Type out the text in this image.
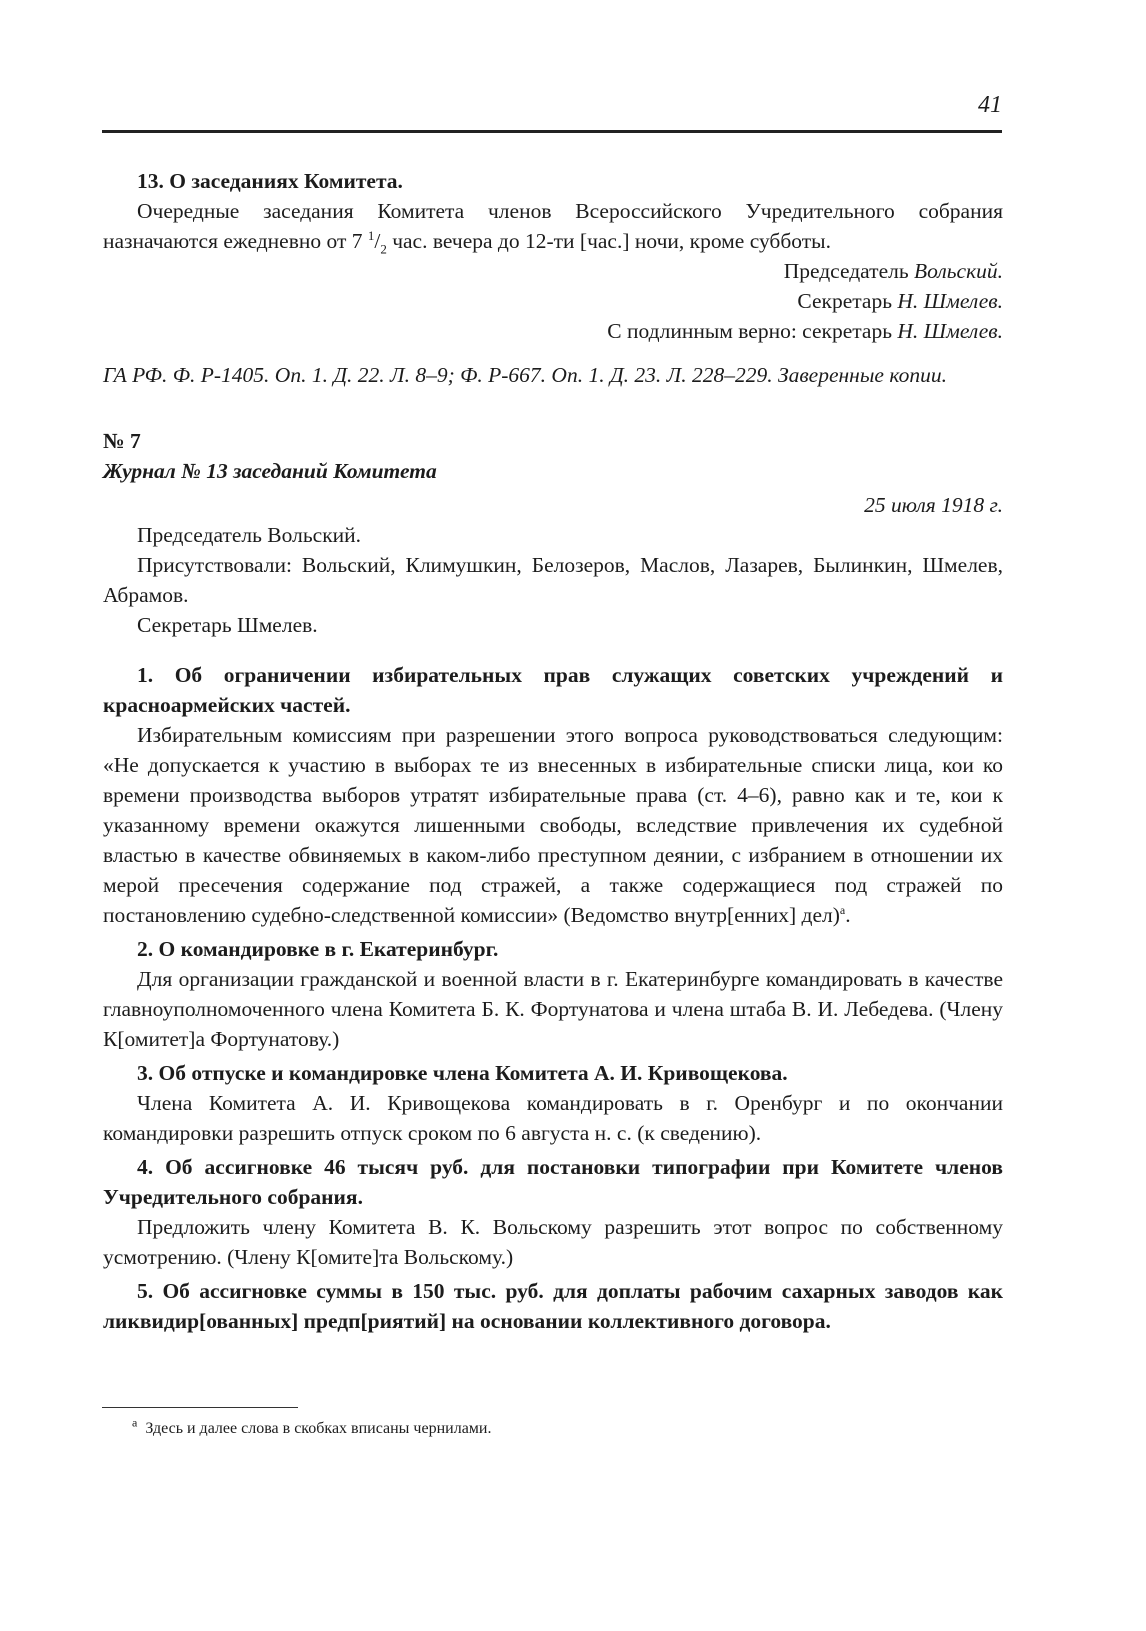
41

13. О заседаниях Комитета.

Очередные заседания Комитета членов Всероссийского Учредительного собрания назначаются ежедневно от 7 $^1/_2$ час. вечера до 12-ти [час.] ночи, кроме субботы.

Председатель Вольский.

Секретарь Н. Шмелев.

С подлинным верно: секретарь Н. Шмелев.

ГА РФ. Ф. Р-1405. Оп. 1. Д. 22. Л. 8–9; Ф. Р-667. Оп. 1. Д. 23. Л. 228–229. Заверенные копии.

№ 7

Журнал № 13 заседаний Комитета

25 июля 1918 г.

Председатель Вольский.

Присутствовали: Вольский, Климушкин, Белозеров, Маслов, Лазарев, Былинкин, Шмелев, Абрамов.

Секретарь Шмелев.

1. Об ограничении избирательных прав служащих советских учреждений и красноармейских частей.

Избирательным комиссиям при разрешении этого вопроса руководствоваться следующим: «Не допускается к участию в выборах те из внесенных в избирательные списки лица, кои ко времени производства выборов утратят избирательные права (ст. 4–6), равно как и те, кои к указанному времени окажутся лишенными свободы, вследствие привлечения их судебной властью в качестве обвиняемых в каком-либо преступном деянии, с избранием в отношении их мерой пресечения содержание под стражей, а также содержащиеся под стражей по постановлению судебно-следственной комиссии» (Ведомство внутр[енних] дел)$^а$.

2. О командировке в г. Екатеринбург.

Для организации гражданской и военной власти в г. Екатеринбурге командировать в качестве главноуполномоченного члена Комитета Б. К. Фортунатова и члена штаба В. И. Лебедева. (Члену К[омитет]а Фортунатову.)

3. Об отпуске и командировке члена Комитета А. И. Кривощекова.

Члена Комитета А. И. Кривощекова командировать в г. Оренбург и по окончании командировки разрешить отпуск сроком по 6 августа н. с. (к сведению).

4. Об ассигновке 46 тысяч руб. для постановки типографии при Комитете членов Учредительного собрания.

Предложить члену Комитета В. К. Вольскому разрешить этот вопрос по собственному усмотрению. (Члену К[омите]та Вольскому.)

5. Об ассигновке суммы в 150 тыс. руб. для доплаты рабочим сахарных заводов как ликвидир[ованных] предп[риятий] на основании коллективного договора.

$^а$ Здесь и далее слова в скобках вписаны чернилами.
